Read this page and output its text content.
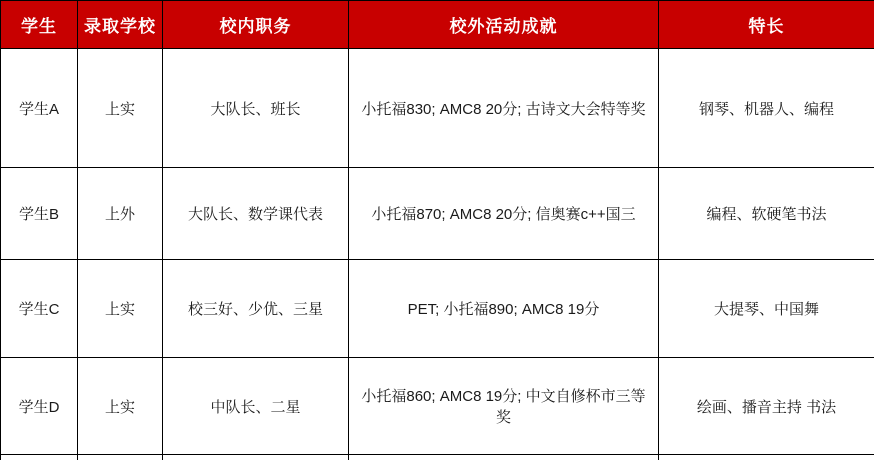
学生	录取学校	校内职务	校外活动成就	特长
学生A	上实	大队长、班长	小托福830; AMC8 20分; 古诗文大会特等奖	钢琴、机器人、编程
学生B	上外	大队长、数学课代表	小托福870; AMC8 20分; 信奥赛c++国三	编程、软硬笔书法
学生C	上实	校三好、少优、三星	PET; 小托福890; AMC8 19分	大提琴、中国舞
学生D	上实	中队长、二星	小托福860; AMC8 19分; 中文自修杯市三等 奖	绘画、播音主持 书法
